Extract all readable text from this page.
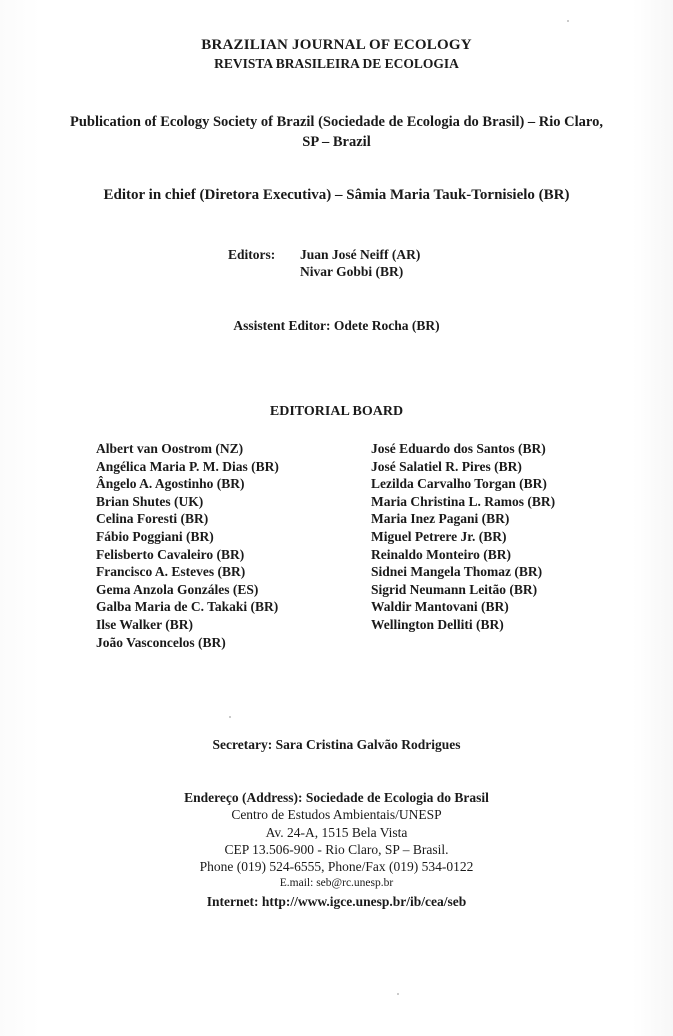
BRAZILIAN JOURNAL OF ECOLOGY
REVISTA BRASILEIRA DE ECOLOGIA
Publication of Ecology Society of Brazil (Sociedade de Ecologia do Brasil) – Rio Claro,
SP – Brazil
Editor in chief (Diretora Executiva) – Sâmia Maria Tauk-Tornisielo (BR)
Editors:	Juan José Neiff (AR)
Nivar Gobbi (BR)
Assistent Editor: Odete Rocha (BR)
EDITORIAL BOARD
Albert van Oostrom (NZ)
Angélica Maria P. M. Dias (BR)
Ângelo A. Agostinho (BR)
Brian Shutes (UK)
Celina Foresti (BR)
Fábio Poggiani (BR)
Felisberto Cavaleiro (BR)
Francisco A. Esteves (BR)
Gema Anzola Gonzáles (ES)
Galba Maria de C. Takaki (BR)
Ilse Walker (BR)
João Vasconcelos (BR)
José Eduardo dos Santos (BR)
José Salatiel R. Pires (BR)
Lezilda Carvalho Torgan (BR)
Maria Christina L. Ramos (BR)
Maria Inez Pagani (BR)
Miguel Petrere Jr. (BR)
Reinaldo Monteiro (BR)
Sidnei Mangela Thomaz (BR)
Sigrid Neumann Leitão (BR)
Waldir Mantovani (BR)
Wellington Delliti (BR)
Secretary: Sara Cristina Galvão Rodrigues
Endereço (Address): Sociedade de Ecologia do Brasil
Centro de Estudos Ambientais/UNESP
Av. 24-A, 1515 Bela Vista
CEP 13.506-900 - Rio Claro, SP – Brasil.
Phone (019) 524-6555, Phone/Fax (019) 534-0122
E.mail: seb@rc.unesp.br
Internet: http://www.igce.unesp.br/ib/cea/seb
